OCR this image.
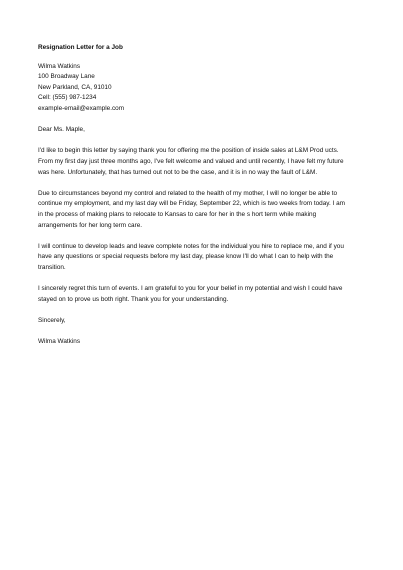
Resignation Letter for a Job
Wilma Watkins
100 Broadway Lane
New Parkland, CA, 91010
Cell: (555) 987-1234
example-email@example.com
Dear Ms. Maple,
I'd like to begin this letter by saying thank you for offering me the position of inside sales at L&M Prod ucts.
From my first day just three months ago, I've felt welcome and valued and until recently, I have felt my future
was here. Unfortunately, that has turned out not to be the case, and it is in no way the fault of L&M.
Due to circumstances beyond my control and related to the health of my mother, I will no longer be able to
continue my employment, and my last day will be Friday, September 22, which is two weeks from today. I am
in the process of making plans to relocate to Kansas to care for her in the s hort term while making
arrangements for her long term care.
I will continue to develop leads and leave complete notes for the individual you hire to replace me, and if you
have any questions or special requests before my last day, please know I'll do what I can to help with the
transition.
I sincerely regret this turn of events. I am grateful to you for your belief in my potential and wish I could have
stayed on to prove us both right. Thank you for your understanding.
Sincerely,
Wilma Watkins
